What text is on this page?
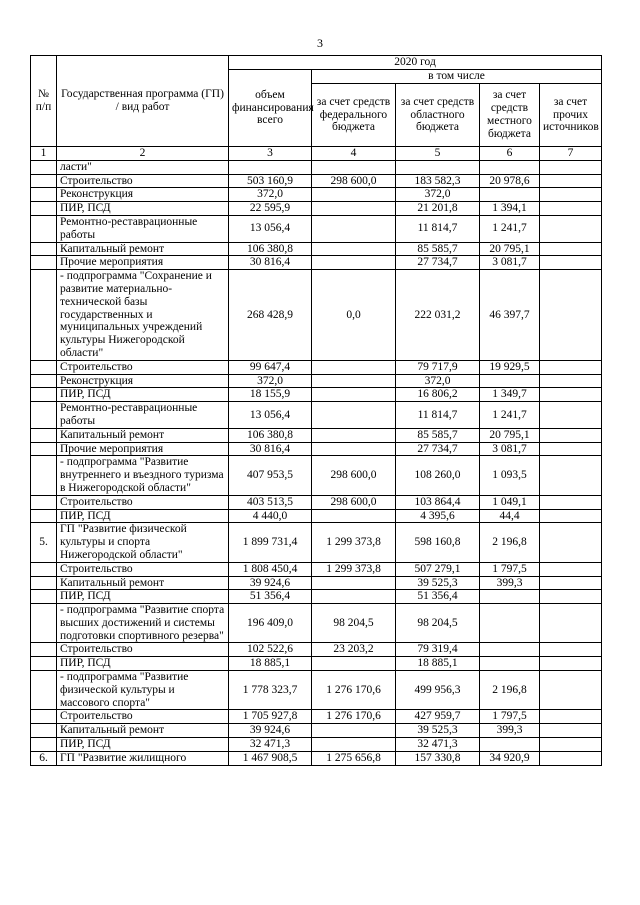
3
№ п/п	Государственная программа (ГП) / вид работ	2020 год				
		объем финансирования всего	в том числе			
			за счет средств федерального бюджета	за счет средств областного бюджета	за счет средств местного бюджета	за счет прочих источников
1	2	3	4	5	6	7
	ласти"					
	Строительство	503 160,9	298 600,0	183 582,3	20 978,6	
	Реконструкция	372,0		372,0		
	ПИР, ПСД	22 595,9		21 201,8	1 394,1	
	Ремонтно-реставрационные работы	13 056,4		11 814,7	1 241,7	
	Капитальный ремонт	106 380,8		85 585,7	20 795,1	
	Прочие мероприятия	30 816,4		27 734,7	3 081,7	
	- подпрограмма "Сохранение и развитие материально-технической базы государственных и муниципальных учреждений культуры Нижегородской области"	268 428,9	0,0	222 031,2	46 397,7	
	Строительство	99 647,4		79 717,9	19 929,5	
	Реконструкция	372,0		372,0		
	ПИР, ПСД	18 155,9		16 806,2	1 349,7	
	Ремонтно-реставрационные работы	13 056,4		11 814,7	1 241,7	
	Капитальный ремонт	106 380,8		85 585,7	20 795,1	
	Прочие мероприятия	30 816,4		27 734,7	3 081,7	
	- подпрограмма "Развитие внутреннего и въездного туризма в Нижегородской области"	407 953,5	298 600,0	108 260,0	1 093,5	
	Строительство	403 513,5	298 600,0	103 864,4	1 049,1	
	ПИР, ПСД	4 440,0		4 395,6	44,4	
5.	ГП "Развитие физической культуры и спорта Нижегородской области"	1 899 731,4	1 299 373,8	598 160,8	2 196,8	
	Строительство	1 808 450,4	1 299 373,8	507 279,1	1 797,5	
	Капитальный ремонт	39 924,6		39 525,3	399,3	
	ПИР, ПСД	51 356,4		51 356,4		
	- подпрограмма "Развитие спорта высших достижений и системы подготовки спортивного резерва"	196 409,0	98 204,5	98 204,5		
	Строительство	102 522,6	23 203,2	79 319,4		
	ПИР, ПСД	18 885,1		18 885,1		
	- подпрограмма "Развитие физической культуры и массового спорта"	1 778 323,7	1 276 170,6	499 956,3	2 196,8	
	Строительство	1 705 927,8	1 276 170,6	427 959,7	1 797,5	
	Капитальный ремонт	39 924,6		39 525,3	399,3	
	ПИР, ПСД	32 471,3		32 471,3		
6.	ГП "Развитие жилищного	1 467 908,5	1 275 656,8	157 330,8	34 920,9	
